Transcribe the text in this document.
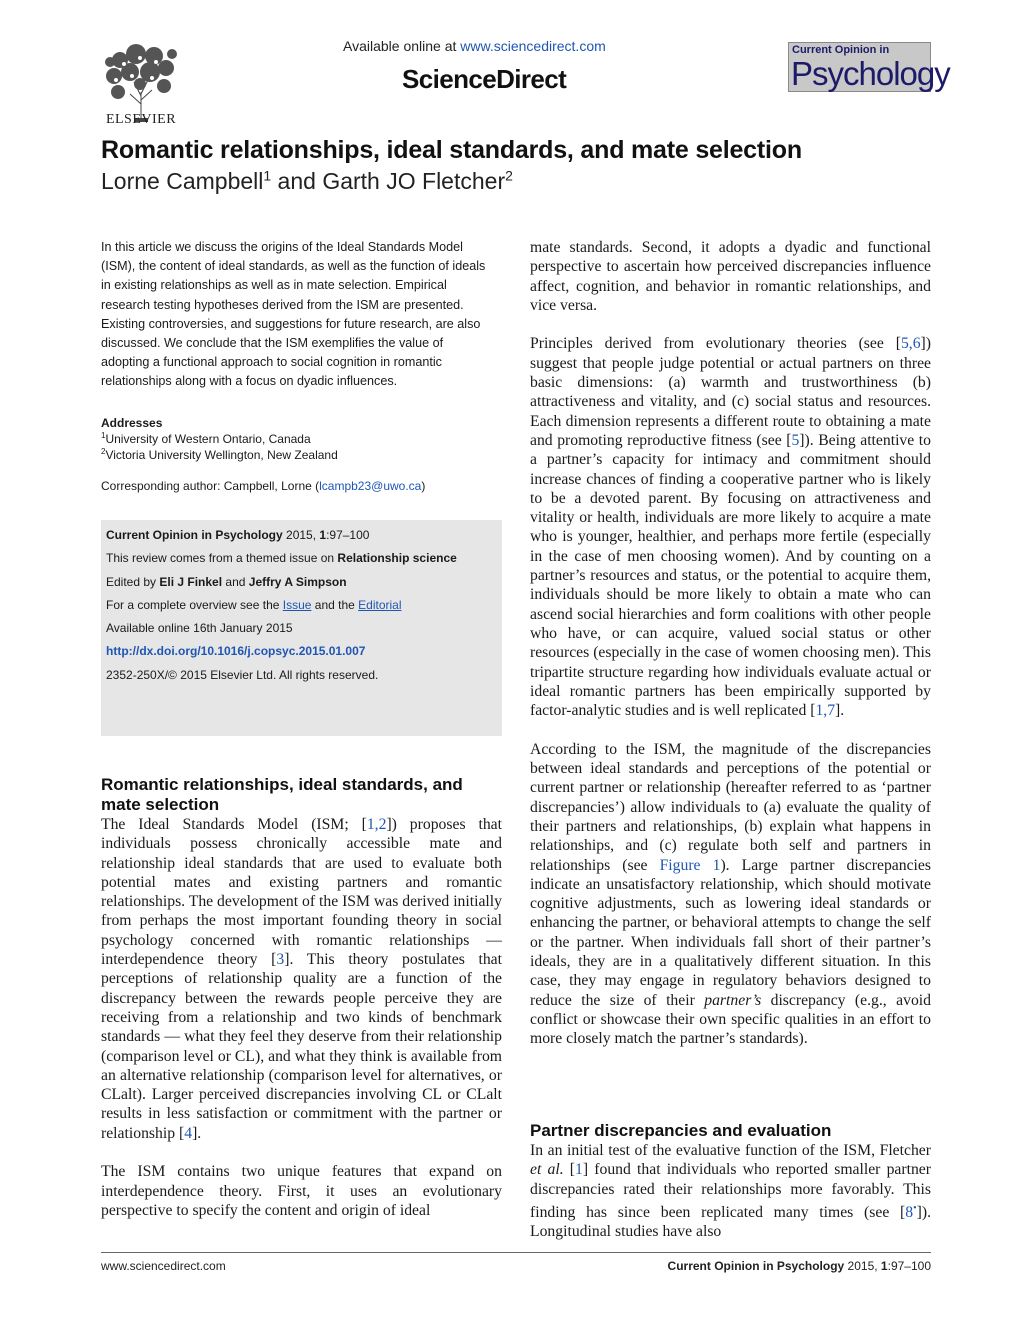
ELSEVIER
Available online at www.sciencedirect.com
ScienceDirect
Current Opinion in
Psychology
Romantic relationships, ideal standards, and mate selection
Lorne Campbell$^1$ and Garth JO Fletcher$^2$
In this article we discuss the origins of the Ideal Standards Model (ISM), the content of ideal standards, as well as the function of ideals in existing relationships as well as in mate selection. Empirical research testing hypotheses derived from the ISM are presented. Existing controversies, and suggestions for future research, are also discussed. We conclude that the ISM exemplifies the value of adopting a functional approach to social cognition in romantic relationships along with a focus on dyadic influences.
Addresses
$^1$University of Western Ontario, Canada
$^2$Victoria University Wellington, New Zealand
Corresponding author: Campbell, Lorne (lcampb23@uwo.ca)
Current Opinion in Psychology 2015, 1:97–100
This review comes from a themed issue on Relationship science
Edited by Eli J Finkel and Jeffry A Simpson
For a complete overview see the Issue and the Editorial
Available online 16th January 2015
http://dx.doi.org/10.1016/j.copsyc.2015.01.007
2352-250X/© 2015 Elsevier Ltd. All rights reserved.
Romantic relationships, ideal standards, and mate selection

The Ideal Standards Model (ISM; [1,2]) proposes that individuals possess chronically accessible mate and relationship ideal standards that are used to evaluate both potential mates and existing partners and romantic relationships. The development of the ISM was derived initially from perhaps the most important founding theory in social psychology concerned with romantic relationships — interdependence theory [3]. This theory postulates that perceptions of relationship quality are a function of the discrepancy between the rewards people perceive they are receiving from a relationship and two kinds of benchmark standards — what they feel they deserve from their relationship (comparison level or CL), and what they think is available from an alternative relationship (comparison level for alternatives, or CLalt). Larger perceived discrepancies involving CL or CLalt results in less satisfaction or commitment with the partner or relationship [4].

The ISM contains two unique features that expand on interdependence theory. First, it uses an evolutionary perspective to specify the content and origin of ideal

mate standards. Second, it adopts a dyadic and functional perspective to ascertain how perceived discrepancies influence affect, cognition, and behavior in romantic relationships, and vice versa.

Principles derived from evolutionary theories (see [5,6]) suggest that people judge potential or actual partners on three basic dimensions: (a) warmth and trustworthiness (b) attractiveness and vitality, and (c) social status and resources. Each dimension represents a different route to obtaining a mate and promoting reproductive fitness (see [5]). Being attentive to a partner’s capacity for intimacy and commitment should increase chances of finding a cooperative partner who is likely to be a devoted parent. By focusing on attractiveness and vitality or health, individuals are more likely to acquire a mate who is younger, healthier, and perhaps more fertile (especially in the case of men choosing women). And by counting on a partner’s resources and status, or the potential to acquire them, individuals should be more likely to obtain a mate who can ascend social hierarchies and form coalitions with other people who have, or can acquire, valued social status or other resources (especially in the case of women choosing men). This tripartite structure regarding how individuals evaluate actual or ideal romantic partners has been empirically supported by factor-analytic studies and is well replicated [1,7].

According to the ISM, the magnitude of the discrepancies between ideal standards and perceptions of the potential or current partner or relationship (hereafter referred to as ‘partner discrepancies’) allow individuals to (a) evaluate the quality of their partners and relationships, (b) explain what happens in relationships, and (c) regulate both self and partners in relationships (see Figure 1). Large partner discrepancies indicate an unsatisfactory relationship, which should motivate cognitive adjustments, such as lowering ideal standards or enhancing the partner, or behavioral attempts to change the self or the partner. When individuals fall short of their partner’s ideals, they are in a qualitatively different situation. In this case, they may engage in regulatory behaviors designed to reduce the size of their partner’s discrepancy (e.g., avoid conflict or showcase their own specific qualities in an effort to more closely match the partner’s standards).

Partner discrepancies and evaluation

In an initial test of the evaluative function of the ISM, Fletcher et al. [1] found that individuals who reported smaller partner discrepancies rated their relationships more favorably. This finding has since been replicated many times (see [8•]). Longitudinal studies have also

www.sciencedirect.com	Current Opinion in Psychology 2015, 1:97–100
